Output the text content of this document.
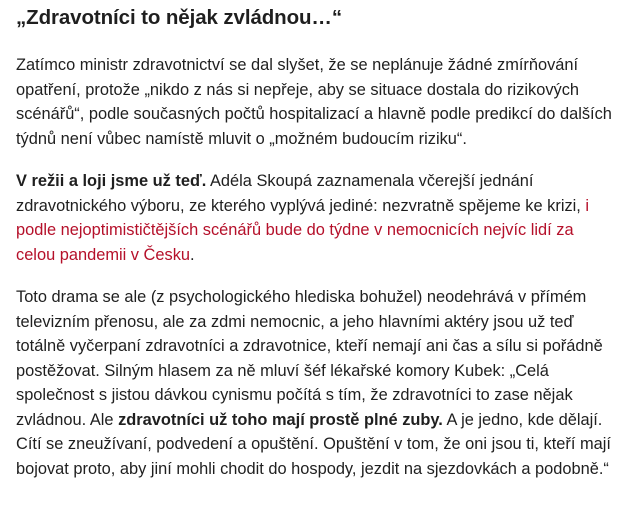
„Zdravotníci to nějak zvládnou…“

Zatímco ministr zdravotnictví se dal slyšet, že se neplánuje žádné zmírňování opatření, protože „nikdo z nás si nepřeje, aby se situace dostala do rizikových scénářů“, podle současných počtů hospitalizací a hlavně podle predikcí do dalších týdnů není vůbec namístě mluvit o „možném budoucím riziku“.

V režii a loji jsme už teď. Adéla Skoupá zaznamenala včerejší jednání zdravotnického výboru, ze kterého vyplývá jediné: nezvratně spějeme ke krizi, i podle nejoptimističtějších scénářů bude do týdne v nemocnicích nejvíc lidí za celou pandemii v Česku.

Toto drama se ale (z psychologického hlediska bohužel) neodehrává v přímém televizním přenosu, ale za zdmi nemocnic, a jeho hlavními aktéry jsou už teď totálně vyčerpaní zdravotníci a zdravotnice, kteří nemají ani čas a sílu si pořádně postěžovat. Silným hlasem za ně mluví šéf lékařské komory Kubek: „Celá společnost s jistou dávkou cynismu počítá s tím, že zdravotníci to zase nějak zvládnou. Ale zdravotníci už toho mají prostě plné zuby. A je jedno, kde dělají. Cítí se zneužívaní, podvedení a opuštění. Opuštění v tom, že oni jsou ti, kteří mají bojovat proto, aby jiní mohli chodit do hospody, jezdit na sjezdovkách a podobně.“
